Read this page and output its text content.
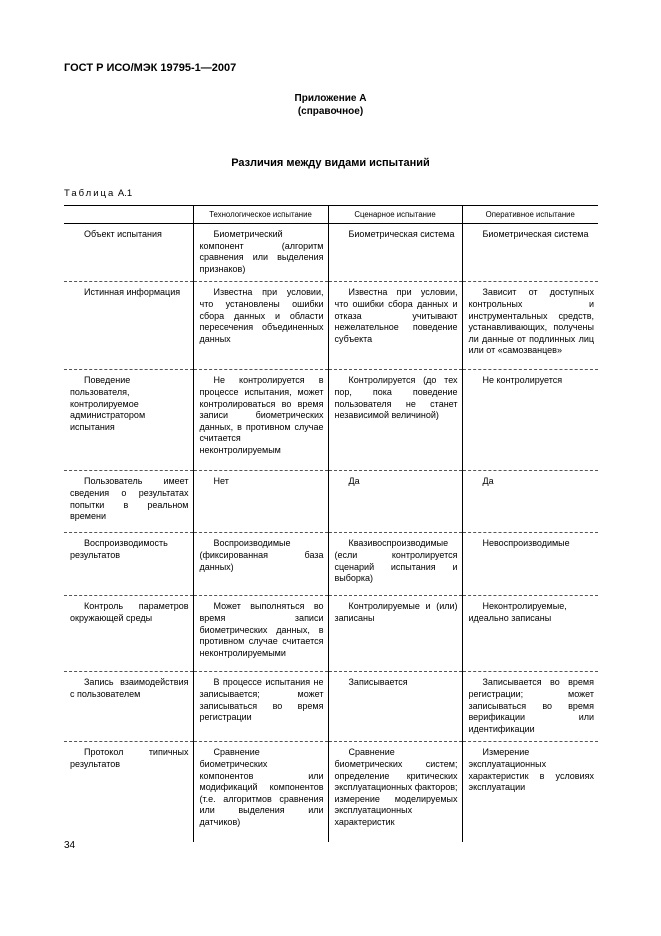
ГОСТ Р ИСО/МЭК 19795-1—2007
Приложение А
(справочное)
Различия между видами испытаний
Таблица А.1
	Технологическое испытание	Сценарное испытание	Оперативное испытание
Объект испытания	Биометрический компонент (алгоритм сравнения или выделения признаков)	Биометрическая система	Биометрическая система
Истинная информация	Известна при условии, что установлены ошибки сбора данных и области пересечения объединенных данных	Известна при условии, что ошибки сбора данных и отказа учитывают нежелательное поведение субъекта	Зависит от доступных контрольных и инструментальных средств, устанавливающих, получены ли данные от подлинных лиц или от «самозванцев»
Поведение пользователя, контролируемое администратором испытания	Не контролируется в процессе испытания, может контролироваться во время записи биометрических данных, в противном случае считается неконтролируемым	Контролируется (до тех пор, пока поведение пользователя не станет независимой величиной)	Не контролируется
Пользователь имеет сведения о результатах попытки в реальном времени	Нет	Да	Да
Воспроизводимость результатов	Воспроизводимые (фиксированная база данных)	Квазивоспроизводимые (если контролируется сценарий испытания и выборка)	Невоспроизводимые
Контроль параметров окружающей среды	Может выполняться во время записи биометрических данных, в противном случае считается неконтролируемыми	Контролируемые и (или) записаны	Неконтролируемые, идеально записаны
Запись взаимодействия с пользователем	В процессе испытания не записывается; может записываться во время регистрации	Записывается	Записывается во время регистрации; может записываться во время верификации или идентификации
Протокол типичных результатов	Сравнение биометрических компонентов или модификаций компонентов (т.е. алгоритмов сравнения или выделения или датчиков)	Сравнение биометрических систем; определение критических эксплуатационных факторов; измерение моделируемых эксплуатационных характеристик	Измерение эксплуатационных характеристик в условиях эксплуатации
34
